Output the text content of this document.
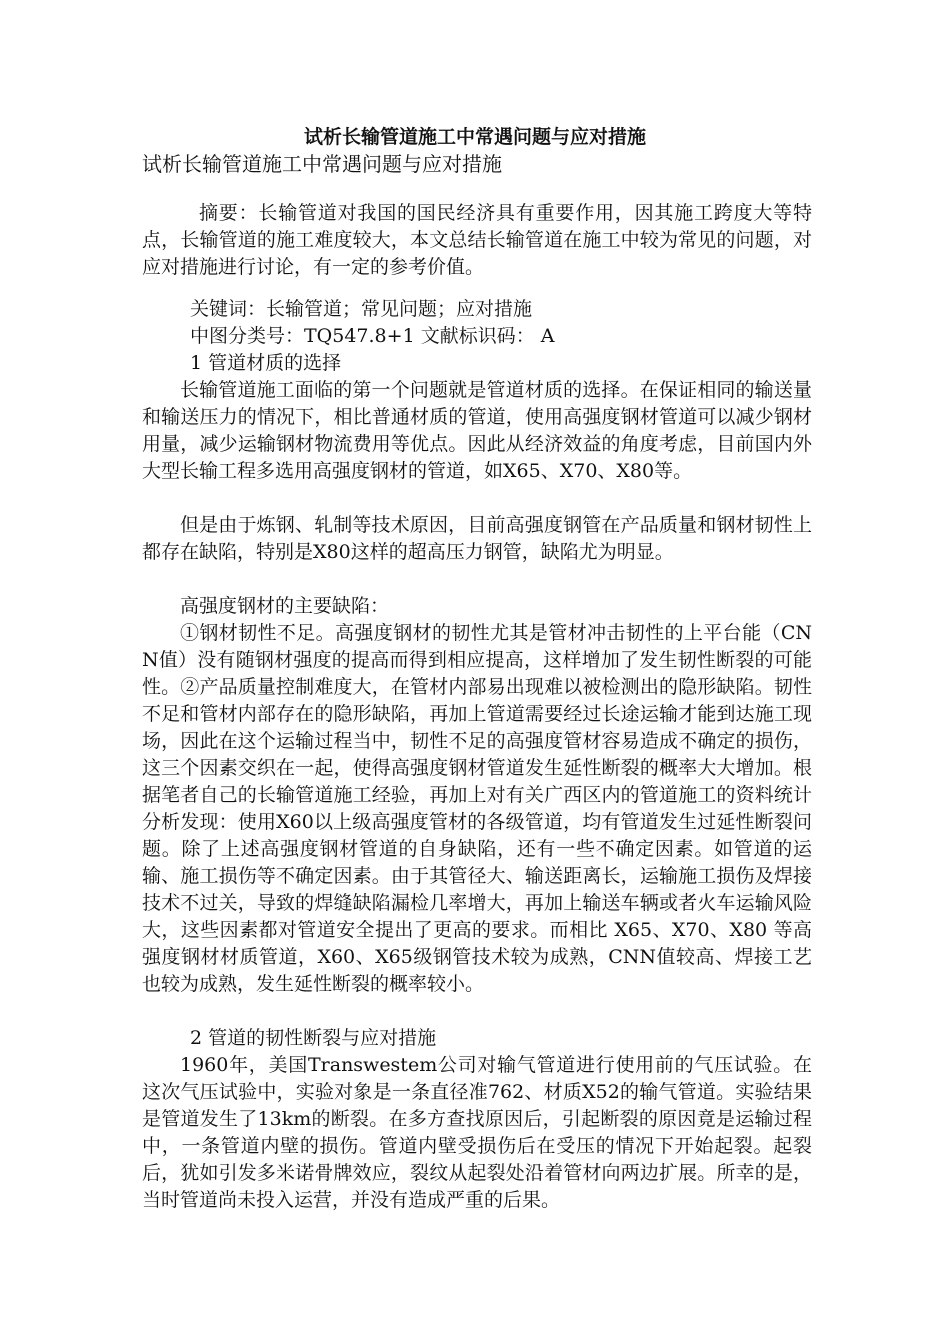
试析长输管道施工中常遇问题与应对措施
试析长输管道施工中常遇问题与应对措施
摘要：长输管道对我国的国民经济具有重要作用，因其施工跨度大等特点，长输管道的施工难度较大，本文总结长输管道在施工中较为常见的问题，对应对措施进行讨论，有一定的参考价值。
关键词：长输管道；常见问题；应对措施
中图分类号：TQ547.8+1 文献标识码： A
1 管道材质的选择
长输管道施工面临的第一个问题就是管道材质的选择。在保证相同的输送量和输送压力的情况下，相比普通材质的管道，使用高强度钢材管道可以减少钢材用量，减少运输钢材物流费用等优点。因此从经济效益的角度考虑，目前国内外大型长输工程多选用高强度钢材的管道，如X65、X70、X80等。
但是由于炼钢、轧制等技术原因，目前高强度钢管在产品质量和钢材韧性上都存在缺陷，特别是X80这样的超高压力钢管，缺陷尤为明显。
高强度钢材的主要缺陷：
①钢材韧性不足。高强度钢材的韧性尤其是管材冲击韧性的上平台能（CNN值）没有随钢材强度的提高而得到相应提高，这样增加了发生韧性断裂的可能性。②产品质量控制难度大，在管材内部易出现难以被检测出的隐形缺陷。韧性不足和管材内部存在的隐形缺陷，再加上管道需要经过长途运输才能到达施工现场，因此在这个运输过程当中，韧性不足的高强度管材容易造成不确定的损伤，这三个因素交织在一起，使得高强度钢材管道发生延性断裂的概率大大增加。根据笔者自己的长输管道施工经验，再加上对有关广西区内的管道施工的资料统计分析发现：使用X60以上级高强度管材的各级管道，均有管道发生过延性断裂问题。除了上述高强度钢材管道的自身缺陷，还有一些不确定因素。如管道的运输、施工损伤等不确定因素。由于其管径大、输送距离长，运输施工损伤及焊接技术不过关，导致的焊缝缺陷漏检几率增大，再加上输送车辆或者火车运输风险大，这些因素都对管道安全提出了更高的要求。而相比 X65、X70、X80 等高强度钢材材质管道，X60、X65级钢管技术较为成熟，CNN值较高、焊接工艺也较为成熟，发生延性断裂的概率较小。
2 管道的韧性断裂与应对措施
1960年，美国Transwestem公司对输气管道进行使用前的气压试验。在这次气压试验中，实验对象是一条直径准762、材质X52的输气管道。实验结果是管道发生了13km的断裂。在多方查找原因后，引起断裂的原因竟是运输过程中，一条管道内壁的损伤。管道内壁受损伤后在受压的情况下开始起裂。起裂后，犹如引发多米诺骨牌效应，裂纹从起裂处沿着管材向两边扩展。所幸的是，当时管道尚未投入运营，并没有造成严重的后果。
